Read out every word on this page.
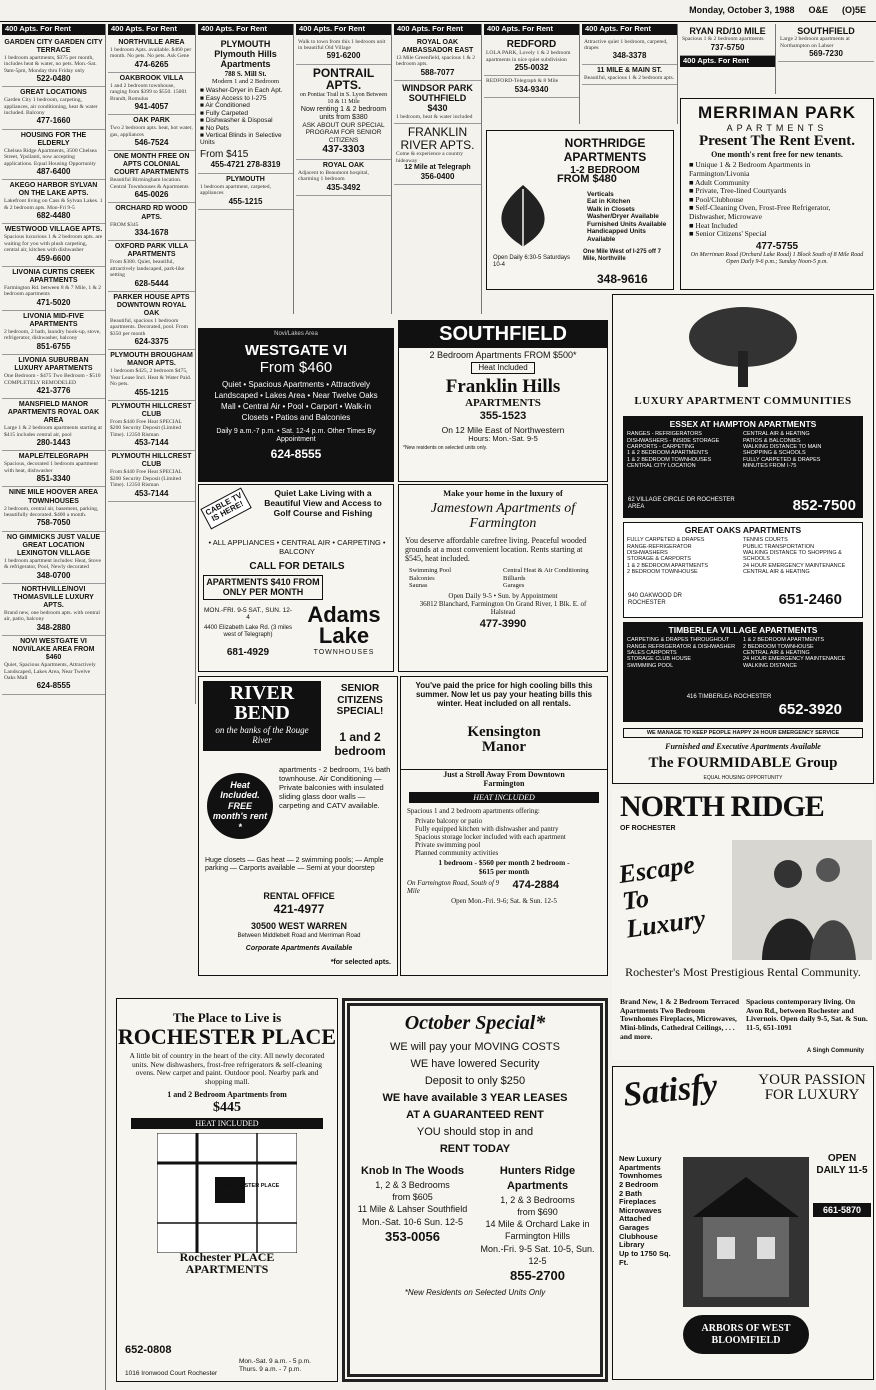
Monday, October 3, 1988 O&E (O)5E
400 Apts. For Rent
GARDEN CITY GARDEN CITY TERRACE
1 bedroom apartments, $375 per month, includes heat & water, no pets. Mon.-Sat. 9am-5pm, Monday thru Friday only
522-0480
GREAT LOCATIONS
Garden City 1 bedroom, carpeting, appliances, air conditioning, heat & water included. Balcony
477-1660
HOUSING FOR THE ELDERLY
Chelsea Ridge Apartments, 3500 Chelsea Street, Ypsilanti, now accepting applications. Equal Housing Opportunity
487-6400
AKEGO HARBOR SYLVAN ON THE LAKE APTS.
Lakefront living on Cass & Sylvan Lakes. 1 & 2 bedroom apts. Mon-Fri 9-5
682-4480
WESTWOOD VILLAGE APTS.
Spacious luxurious 1 & 2 bedroom apts. are waiting for you with plush carpeting, central air, kitchen with dishwasher
459-6600
LIVONIA CURTIS CREEK APARTMENTS
Farmington Rd. between 8 & 7 Mile, 1 & 2 bedroom apartments
471-5020
LIVONIA MID-FIVE APARTMENTS
2 bedroom, 2 bath, laundry hook-up, stove, refrigerator, dishwasher, balcony
851-6755
LIVONIA SUBURBAN LUXURY APARTMENTS
One Bedroom - $475 Two Bedroom - $510 COMPLETELY REMODELED
421-3776
MANSFIELD MANOR APARTMENTS ROYAL OAK AREA
Large 1 & 2 bedroom apartments starting at $415 includes central air, pool
280-1443
MAPLE/TELEGRAPH
Spacious, decorated 1 bedroom apartment with heat, dishwasher
851-3340
NINE MILE HOOVER AREA TOWNHOUSES
2 bedroom, central air, basement, parking, beautifully decorated. $400 a month.
758-7050
NO GIMMICKS JUST VALUE GREAT LOCATION LEXINGTON VILLAGE
1 bedroom apartment includes: Heat, Stove & refrigerator, Pool, Newly decorated
348-0700
NORTHVILLE/NOVI THOMASVILLE LUXURY APTS.
Brand new, one bedroom apts. with central air, patio, balcony
348-2880
NOVI WESTGATE VI NOVI/LAKE AREA FROM $460
Quiet, Spacious Apartments, Attractively Landscaped, Lakes Area, Near Twelve Oaks Mall
624-8555
400 Apts. For Rent
NORTHVILLE AREA
1 bedroom Apts. available. $460 per month. No pets. No pets. Ask Gene
474-6265
OAKBROOK VILLA
1 and 2 bedroom townhouse, ranging from $399 to $550. 15001 Brandt, Romulus
941-4057
OAK PARK
Two 2 bedroom apts. heat, hot water, gas, appliances
546-7524
ONE MONTH FREE ON APTS COLONIAL COURT APARTMENTS
Beautiful Birmingham location. Central Townhouses & Apartments
645-0026
ORCHARD RD WOOD APTS.
FROM $345
334-1678
OXFORD PARK VILLA APARTMENTS
From $380. Quiet, beautiful, attractively landscaped, park-like setting
628-5444
PARKER HOUSE APTS DOWNTOWN ROYAL OAK
Beautiful, spacious 1 bedroom apartments. Decorated, pool. From $350 per month
624-3375
PLYMOUTH BROUGHAM MANOR APTS.
1 bedroom $425, 2 bedroom $475, Year Lease Incl. Heat & Water Paid. No pets.
455-1215
PLYMOUTH HILLCREST CLUB
From $440 Free Heat SPECIAL $200 Security Deposit (Limited Time). 12350 Risman
453-7144
PLYMOUTH HILLCREST CLUB
From $440 Free Heat SPECIAL $200 Security Deposit (Limited Time). 12350 Risman
453-7144
400 Apts. For Rent
PLYMOUTH Plymouth Hills Apartments
788 S. Mill St.
Modern 1 and 2 Bedroom
■ Washer-Dryer in Each Apt.
■ Easy Access to I-275
■ Air Conditioned
■ Fully Carpeted
■ Dishwasher & Disposal
■ No Pets
■ Vertical Blinds in Selective Units
From $415
455-4721 278-8319
PLYMOUTH
1 bedroom apartment, carpeted, appliances
455-1215
400 Apts. For Rent
Walk to town from this 1 bedroom unit in beautiful Old Village
591-6200
PONTRAIL APTS.
on Pontiac Trail in S. Lyon Between 10 & 11 Mile
Now renting 1 & 2 bedroom units from $380
ASK ABOUT OUR SPECIAL PROGRAM FOR SENIOR CITIZENS
437-3303
ROYAL OAK
Adjacent to Beaumont hospital, charming 1 bedroom
435-3492
400 Apts. For Rent
ROYAL OAK AMBASSADOR EAST
13 Mile Greenfield, spacious 1 & 2 bedroom apts.
588-7077
WINDSOR PARK SOUTHFIELD
$430
1 bedroom, heat & water included
FRANKLIN RIVER APTS.
Come & experience a country hideaway
12 Mile at Telegraph
356-0400
400 Apts. For Rent
REDFORD
LOLA PARK, Lovely 1 & 2 bedroom apartments in nice quiet subdivision
255-0032
REDFORD-Telegraph & 8 Mile
534-9340
400 Apts. For Rent
Attractive quiet 1 bedroom, carpeted, drapes
348-3378
11 MILE & MAIN ST.
Beautiful, spacious 1 & 2 bedroom apts.
RYAN RD/10 MILE
Spacious 1 & 2 bedroom apartments
737-5750
400 Apts. For Rent
SOUTHFIELD
Large 2 bedroom apartments at Northampton on Lahser
569-7230
NORTHRIDGE APARTMENTS
1-2 BEDROOM
FROM $480
Verticals
Eat in Kitchen
Walk in Closets
Washer/Dryer Available
Furnished Units Available
Handicapped Units Available
Open Daily 6:30-5 Saturdays 10-4
One Mile West of I-275 off 7 Mile, Northville
348-9616
MERRIMAN PARK
APARTMENTS
Present The Rent Event.
One month's rent free for new tenants.
■ Unique 1 & 2 Bedroom Apartments in Farmington/Livonia
■ Adult Community
■ Private, Tree-lined Courtyards
■ Pool/Clubhouse
■ Self-Cleaning Oven, Frost-Free Refrigerator, Dishwasher, Microwave
■ Heat Included
■ Senior Citizens' Special
477-5755
On Merriman Road (Orchard Lake Road) 1 Block South of 8 Mile Road
Open Daily 9-6 p.m.; Sunday Noon-5 p.m.
Novi/Lakes Area
WESTGATE VI
From $460
Quiet • Spacious Apartments • Attractively Landscaped • Lakes Area • Near Twelve Oaks Mall • Central Air • Pool • Carport • Walk-in Closets • Patios and Balconies
Daily 9 a.m.-7 p.m. • Sat. 12-4 p.m. Other Times By Appointment
624-8555
SOUTHFIELD
2 Bedroom Apartments FROM $500*
Heat Included
Franklin Hills
APARTMENTS
355-1523
On 12 Mile East of Northwestern
Hours: Mon.-Sat. 9-5
*New residents on selected units only.
CABLE TV IS HERE!
Quiet Lake Living with a Beautiful View and Access to Golf Course and Fishing
• ALL APPLIANCES • CENTRAL AIR • CARPETING • BALCONY
CALL FOR DETAILS
APARTMENTS $410 FROM ONLY PER MONTH
MON.-FRI. 9-5 SAT., SUN. 12-4
4400 Elizabeth Lake Rd. (3 miles west of Telegraph)
681-4929
Adams Lake
TOWNHOUSES
Make your home in the luxury of
Jamestown Apartments of Farmington
You deserve affordable carefree living. Peaceful wooded grounds at a most convenient location. Rents starting at $545, heat included.
Swimming Pool	Central Heat & Air Conditioning
Balconies	Billiards
Saunas	Garages
Open Daily 9-5 • Sun. by Appointment
36812 Blanchard, Farmington On Grand River, 1 Blk. E. of Halstead
477-3990
LUXURY APARTMENT COMMUNITIES
ESSEX AT HAMPTON APARTMENTS
RANGES - REFRIGERATORS
DISHWASHERS - INSIDE STORAGE
CARPORTS - CARPETING
1 & 2 BEDROOM APARTMENTS
1 & 2 BEDROOM TOWNHOUSES
CENTRAL CITY LOCATION
CENTRAL AIR & HEATING
PATIOS & BALCONIES
WALKING DISTANCE TO MAIN
SHOPPING & SCHOOLS
FULLY CARPETED & DRAPES
MINUTES FROM I-75
62 VILLAGE CIRCLE DR ROCHESTER AREA	852-7500
GREAT OAKS APARTMENTS
FULLY CARPETED & DRAPES
RANGE-REFRIGERATOR
DISHWASHERS
STORAGE & CARPORTS
1 & 2 BEDROOM APARTMENTS
2 BEDROOM TOWNHOUSE
TENNIS COURTS
PUBLIC TRANSPORTATION
WALKING DISTANCE TO SHOPPING & SCHOOLS
24 HOUR EMERGENCY MAINTENANCE
CENTRAL AIR & HEATING
940 OAKWOOD DR ROCHESTER	651-2460
TIMBERLEA VILLAGE APARTMENTS
CARPETING & DRAPES THROUGHOUT
RANGE REFRIGERATOR & DISHWASHER
SALES CARPORTS
STORAGE CLUB HOUSE
SWIMMING POOL
1 & 2 BEDROOM APARTMENTS
2 BEDROOM TOWNHOUSE
CENTRAL AIR & HEATING
24 HOUR EMERGENCY MAINTENANCE
WALKING DISTANCE
416 TIMBERLEA ROCHESTER
652-3920
WE MANAGE TO KEEP PEOPLE HAPPY 24 HOUR EMERGENCY SERVICE
Furnished and Executive Apartments Available
The FOURMIDABLE Group
EQUAL HOUSING OPPORTUNITY
RIVER BEND
on the banks of the Rouge River
SENIOR CITIZENS SPECIAL!
1 and 2 bedroom
Heat Included. FREE month's rent *
apartments - 2 bedroom, 1½ bath townhouse. Air Conditioning — Private balconies with insulated sliding glass door walls — carpeting and CATV available.
Huge closets — Gas heat — 2 swimming pools; — Ample parking — Carports available — Semi at your doorstep
RENTAL OFFICE
421-4977
30500 WEST WARREN
Between Middlebelt Road and Merriman Road
Corporate Apartments Available
*for selected apts.
You've paid the price for high cooling bills this summer. Now let us pay your heating bills this winter. Heat included on all rentals.
Kensington Manor
Just a Stroll Away From Downtown Farmington
HEAT INCLUDED
Spacious 1 and 2 bedroom apartments offering:
Private balcony or patio
Fully equipped kitchen with dishwasher and pantry
Spacious storage locker included with each apartment
Private swimming pool
Planned community activities
1 bedroom - $560 per month 2 bedroom - $615 per month
On Farmington Road, South of 9 Mile 474-2884
Open Mon.-Fri. 9-6; Sat. & Sun. 12-5
NORTH RIDGE
OF ROCHESTER
Escape To Luxury
Rochester's Most Prestigious Rental Community.
Brand New, 1 & 2 Bedroom Terraced Apartments Two Bedroom Townhomes Fireplaces, Microwaves, Mini-blinds, Cathedral Ceilings, . . . and more.
Spacious contemporary living. On Avon Rd., between Rochester and Livernois. Open daily 9-5, Sat. & Sun. 11-5, 651-1091
A Singh Community
Satisfy	YOUR PASSION FOR LUXURY
New Luxury Apartments Townhomes
2 Bedroom
2 Bath
Fireplaces
Microwaves
Attached Garages
Clubhouse
Library
Up to 1750 Sq. Ft.
OPEN DAILY 11-5
661-5870
ARBORS OF WEST BLOOMFIELD
The Place to Live is
ROCHESTER PLACE
A little bit of country in the heart of the city. All newly decorated units. New dishwashers, frost-free refrigerators & self-cleaning ovens. New carpet and paint. Outdoor pool. Nearby park and shopping mall.
1 and 2 Bedroom Apartments from
$445
HEAT INCLUDED
ROCHESTER PLACE
Rochester PLACE APARTMENTS
652-0808
1016 Ironwood Court Rochester
Mon.-Sat. 9 a.m. - 5 p.m. Thurs. 9 a.m. - 7 p.m.
October Special*
WE will pay your MOVING COSTS
WE have lowered Security
Deposit to only $250
WE have available 3 YEAR LEASES
AT A GUARANTEED RENT
YOU should stop in and
RENT TODAY
Knob In The Woods
1, 2 & 3 Bedrooms
from $605
11 Mile & Lahser Southfield
Mon.-Sat. 10-6 Sun. 12-5
353-0056
Hunters Ridge Apartments
1, 2 & 3 Bedrooms
from $690
14 Mile & Orchard Lake in Farmington Hills
Mon.-Fri. 9-5 Sat. 10-5, Sun. 12-5
855-2700
*New Residents on Selected Units Only
